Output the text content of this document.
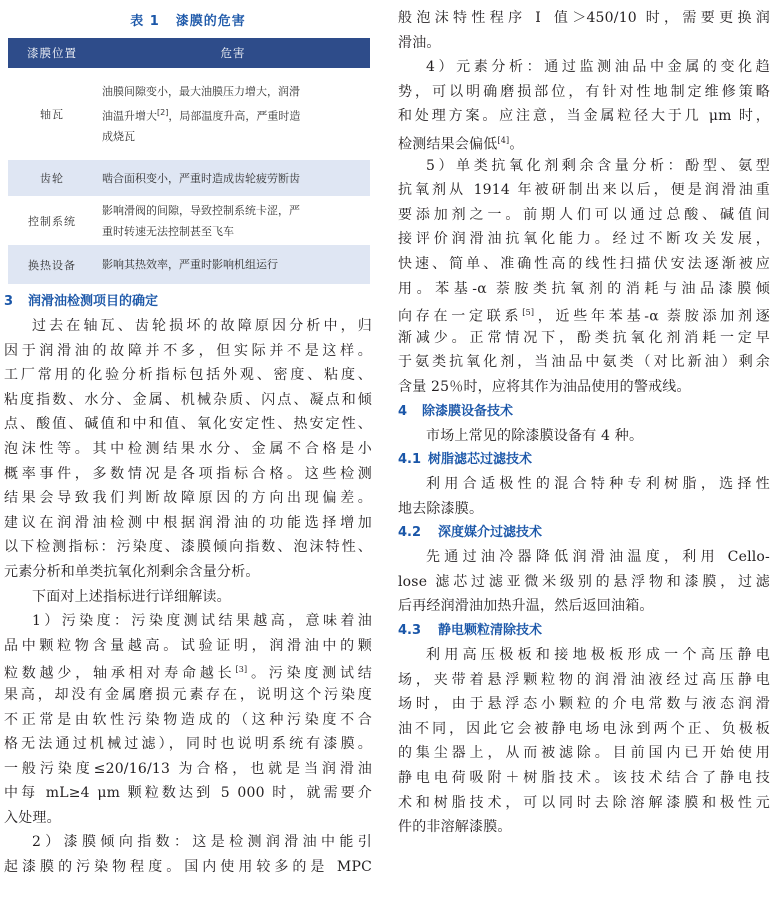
表 1 漆膜的危害
漆膜位置	危害
轴瓦	油膜间隙变小，最大油膜压力增大，润滑
油温升增大[2]，局部温度升高，严重时造
成烧瓦
齿轮	啮合面积变小，严重时造成齿轮疲劳断齿
控制系统	影响滑阀的间隙，导致控制系统卡涩，严
重时转速无法控制甚至飞车
换热设备	影响其热效率，严重时影响机组运行
3 润滑油检测项目的确定
过去在轴瓦、齿轮损坏的故障原因分析中，归
因于润滑油的故障并不多，但实际并不是这样。
工厂常用的化验分析指标包括外观、密度、粘度、
粘度指数、水分、金属、机械杂质、闪点、凝点和倾
点、酸值、碱值和中和值、氧化安定性、热安定性、
泡沫性等。其中检测结果水分、金属不合格是小
概率事件，多数情况是各项指标合格。这些检测
结果会导致我们判断故障原因的方向出现偏差。
建议在润滑油检测中根据润滑油的功能选择增加
以下检测指标：污染度、漆膜倾向指数、泡沫特性、
元素分析和单类抗氧化剂剩余含量分析。
下面对上述指标进行详细解读。
1）污染度：污染度测试结果越高，意味着油
品中颗粒物含量越高。试验证明，润滑油中的颗
粒数越少，轴承相对寿命越长[3]。污染度测试结
果高，却没有金属磨损元素存在，说明这个污染度
不正常是由软性污染物造成的（这种污染度不合
格无法通过机械过滤），同时也说明系统有漆膜。
一般污染度≤20/16/13 为合格，也就是当润滑油
中每 mL≥4 μm 颗粒数达到 5 000 时，就需要介
入处理。
2）漆膜倾向指数：这是检测润滑油中能引
起漆膜的污染物程度。国内使用较多的是 MPC
般泡沫特性程序 Ⅰ 值＞450/10 时，需要更换润
滑油。
4）元素分析：通过监测油品中金属的变化趋
势，可以明确磨损部位，有针对性地制定维修策略
和处理方案。应注意，当金属粒径大于几 μm 时，
检测结果会偏低[4]。
5）单类抗氧化剂剩余含量分析：酚型、氨型
抗氧剂从 1914 年被研制出来以后，便是润滑油重
要添加剂之一。前期人们可以通过总酸、碱值间
接评价润滑油抗氧化能力。经过不断攻关发展，
快速、简单、准确性高的线性扫描伏安法逐渐被应
用。苯基-α 萘胺类抗氧剂的消耗与油品漆膜倾
向存在一定联系[5]，近些年苯基-α 萘胺添加剂逐
渐减少。正常情况下，酚类抗氧化剂消耗一定早
于氨类抗氧化剂，当油品中氨类（对比新油）剩余
含量 25％时，应将其作为油品使用的警戒线。
4 除漆膜设备技术
市场上常见的除漆膜设备有 4 种。
4.1 树脂滤芯过滤技术
利用合适极性的混合特种专利树脂，选择性
地去除漆膜。
4.2 深度媒介过滤技术
先通过油冷器降低润滑油温度，利用 Cello-
lose 滤芯过滤亚微米级别的悬浮物和漆膜，过滤
后再经润滑油加热升温，然后返回油箱。
4.3 静电颗粒清除技术
利用高压极板和接地极板形成一个高压静电
场，夹带着悬浮颗粒物的润滑油液经过高压静电
场时，由于悬浮态小颗粒的介电常数与液态润滑
油不同，因此它会被静电场电泳到两个正、负极板
的集尘器上，从而被滤除。目前国内已开始使用
静电电荷吸附＋树脂技术。该技术结合了静电技
术和树脂技术，可以同时去除溶解漆膜和极性元
件的非溶解漆膜。
